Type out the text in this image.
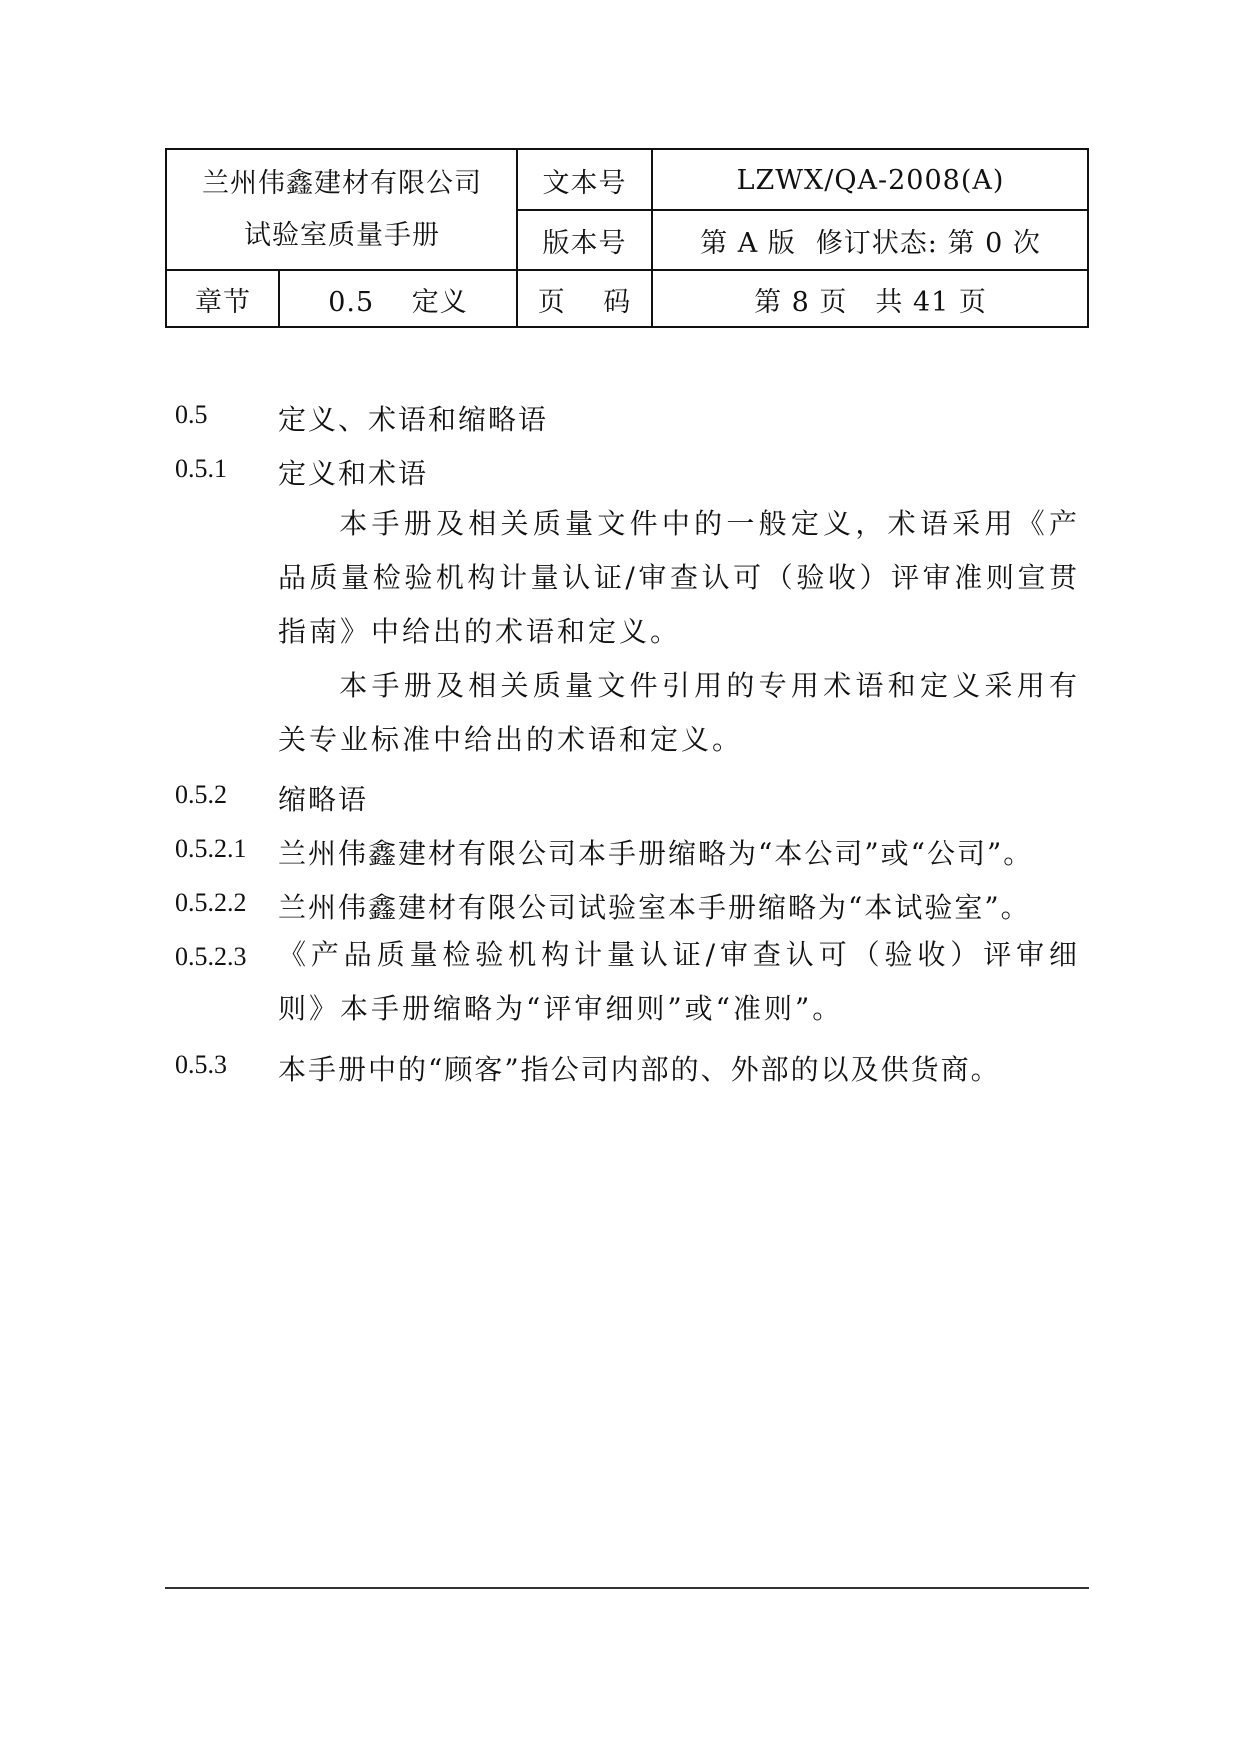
兰州伟鑫建材有限公司
试验室质量手册
文本号	LZWX/QA-2008(A)
版本号	第 A 版 修订状态: 第 0 次
章节	0.5　 定义	页　 码	第 8 页　共 41 页
0.5	定义、术语和缩略语
0.5.1 定义和术语
本手册及相关质量文件中的一般定义，术语采用《产品质量检验机构计量认证/审查认可（验收）评审准则宣贯指南》中给出的术语和定义。
本手册及相关质量文件引用的专用术语和定义采用有关专业标准中给出的术语和定义。
0.5.2 缩略语
0.5.2.1 兰州伟鑫建材有限公司本手册缩略为“本公司”或“公司”。
0.5.2.2 兰州伟鑫建材有限公司试验室本手册缩略为“本试验室”。
0.5.2.3 《产品质量检验机构计量认证/审查认可（验收）评审细则》本手册缩略为“评审细则”或“准则”。
0.5.3 本手册中的“顾客”指公司内部的、外部的以及供货商。
